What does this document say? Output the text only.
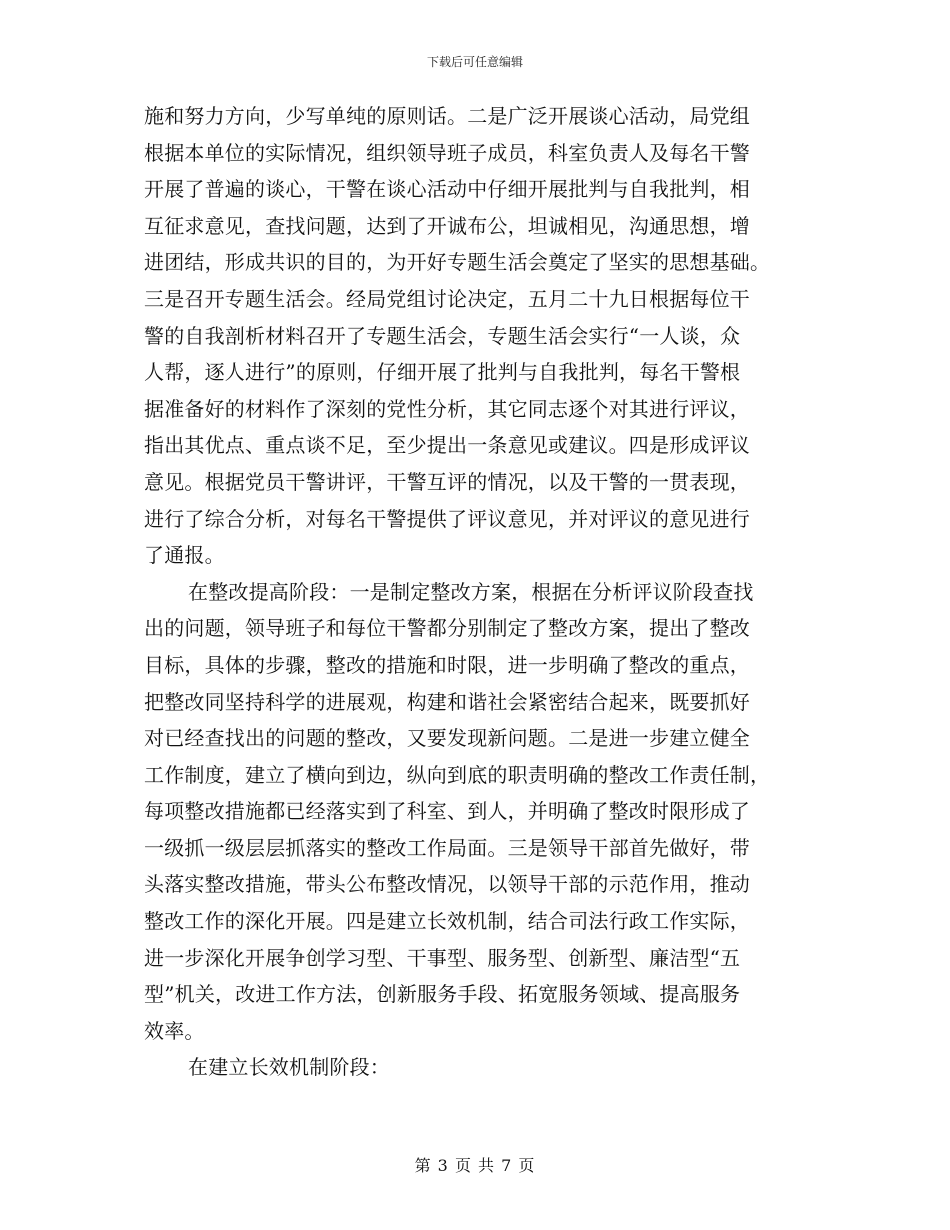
下载后可任意编辑
施和努力方向，少写单纯的原则话。二是广泛开展谈心活动，局党组
根据本单位的实际情况，组织领导班子成员，科室负责人及每名干警
开展了普遍的谈心，干警在谈心活动中仔细开展批判与自我批判，相
互征求意见，查找问题，达到了开诚布公，坦诚相见，沟通思想，增
进团结，形成共识的目的，为开好专题生活会奠定了坚实的思想基础。
三是召开专题生活会。经局党组讨论决定，五月二十九日根据每位干
警的自我剖析材料召开了专题生活会，专题生活会实行“一人谈，众
人帮，逐人进行”的原则，仔细开展了批判与自我批判，每名干警根
据准备好的材料作了深刻的党性分析，其它同志逐个对其进行评议，
指出其优点、重点谈不足，至少提出一条意见或建议。四是形成评议
意见。根据党员干警讲评，干警互评的情况，以及干警的一贯表现，
进行了综合分析，对每名干警提供了评议意见，并对评议的意见进行
了通报。
在整改提高阶段：一是制定整改方案，根据在分析评议阶段查找
出的问题，领导班子和每位干警都分别制定了整改方案，提出了整改
目标，具体的步骤，整改的措施和时限，进一步明确了整改的重点，
把整改同坚持科学的进展观，构建和谐社会紧密结合起来，既要抓好
对已经查找出的问题的整改，又要发现新问题。二是进一步建立健全
工作制度，建立了横向到边，纵向到底的职责明确的整改工作责任制，
每项整改措施都已经落实到了科室、到人，并明确了整改时限形成了
一级抓一级层层抓落实的整改工作局面。三是领导干部首先做好，带
头落实整改措施，带头公布整改情况，以领导干部的示范作用，推动
整改工作的深化开展。四是建立长效机制，结合司法行政工作实际，
进一步深化开展争创学习型、干事型、服务型、创新型、廉洁型“五
型”机关，改进工作方法，创新服务手段、拓宽服务领域、提高服务
效率。
在建立长效机制阶段：
第 3 页 共 7 页
